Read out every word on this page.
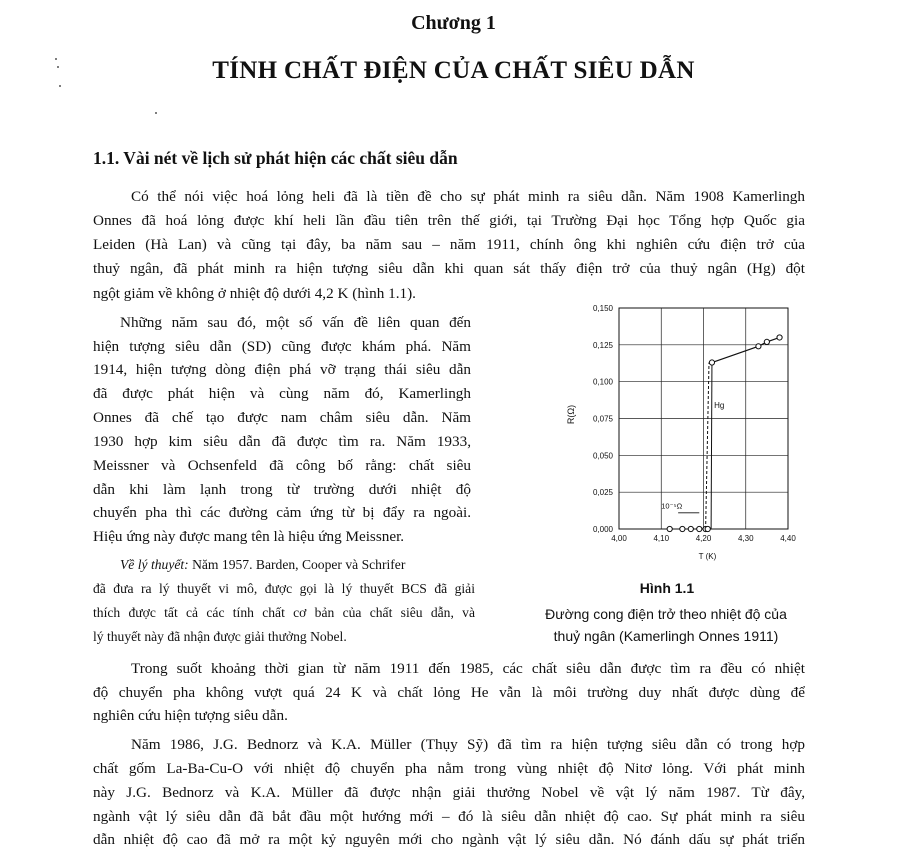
Chương 1
TÍNH CHẤT ĐIỆN CỦA CHẤT SIÊU DẪN
1.1. Vài nét về lịch sử phát hiện các chất siêu dẫn
Có thể nói việc hoá lỏng heli đã là tiền đề cho sự phát minh ra siêu dẫn. Năm 1908 Kamerlingh
Onnes đã hoá lỏng được khí heli lần đầu tiên trên thế giới, tại Trường Đại học Tổng hợp Quốc gia
Leiden (Hà Lan) và cũng tại đây, ba năm sau – năm 1911, chính ông khi nghiên cứu điện trở của
thuỷ ngân, đã phát minh ra hiện tượng siêu dẫn khi quan sát thấy điện trở của thuỷ ngân (Hg) đột
ngột giảm về không ở nhiệt độ dưới 4,2 K (hình 1.1).
Những năm sau đó, một số vấn đề liên quan đến
hiện tượng siêu dẫn (SD) cũng được khám phá. Năm
1914, hiện tượng dòng điện phá vỡ trạng thái siêu dẫn
đã được phát hiện và cùng năm đó, Kamerlingh
Onnes đã chế tạo được nam châm siêu dẫn. Năm
1930 hợp kim siêu dẫn đã được tìm ra. Năm 1933,
Meissner và Ochsenfeld đã công bố rằng: chất siêu
dẫn khi làm lạnh trong từ trường dưới nhiệt độ
chuyển pha thì các đường cảm ứng từ bị đẩy ra ngoài.
Hiệu ứng này được mang tên là hiệu ứng Meissner.
Về lý thuyết: Năm 1957. Barden, Cooper và Schrifer
đã đưa ra lý thuyết vi mô, được gọi là lý thuyết BCS đã giải
thích được tất cả các tính chất cơ bản của chất siêu dẫn, và
lý thuyết này đã nhận được giải thưởng Nobel.
4,00	4,10	4,20	4,30	4,40
0,000
0,025
0,050
0,075
0,100
0,125
0,150
T (K)
R(Ω)	Hg
10⁻⁵Ω
Hình 1.1
Đường cong điện trở theo nhiệt độ của
thuỷ ngân (Kamerlingh Onnes 1911)
Trong suốt khoảng thời gian từ năm 1911 đến 1985, các chất siêu dẫn được tìm ra đều có nhiệt
độ chuyển pha không vượt quá 24 K và chất lỏng He vẫn là môi trường duy nhất được dùng để
nghiên cứu hiện tượng siêu dẫn.
Năm 1986, J.G. Bednorz và K.A. Müller (Thụy Sỹ) đã tìm ra hiện tượng siêu dẫn có trong hợp
chất gốm La-Ba-Cu-O với nhiệt độ chuyển pha nằm trong vùng nhiệt độ Nitơ lỏng. Với phát minh
này J.G. Bednorz và K.A. Müller đã được nhận giải thưởng Nobel về vật lý năm 1987. Từ đây,
ngành vật lý siêu dẫn đã bắt đầu một hướng mới – đó là siêu dẫn nhiệt độ cao. Sự phát minh ra siêu
dẫn nhiệt độ cao đã mở ra một kỷ nguyên mới cho ngành vật lý siêu dẫn. Nó đánh dấu sự phát triển
